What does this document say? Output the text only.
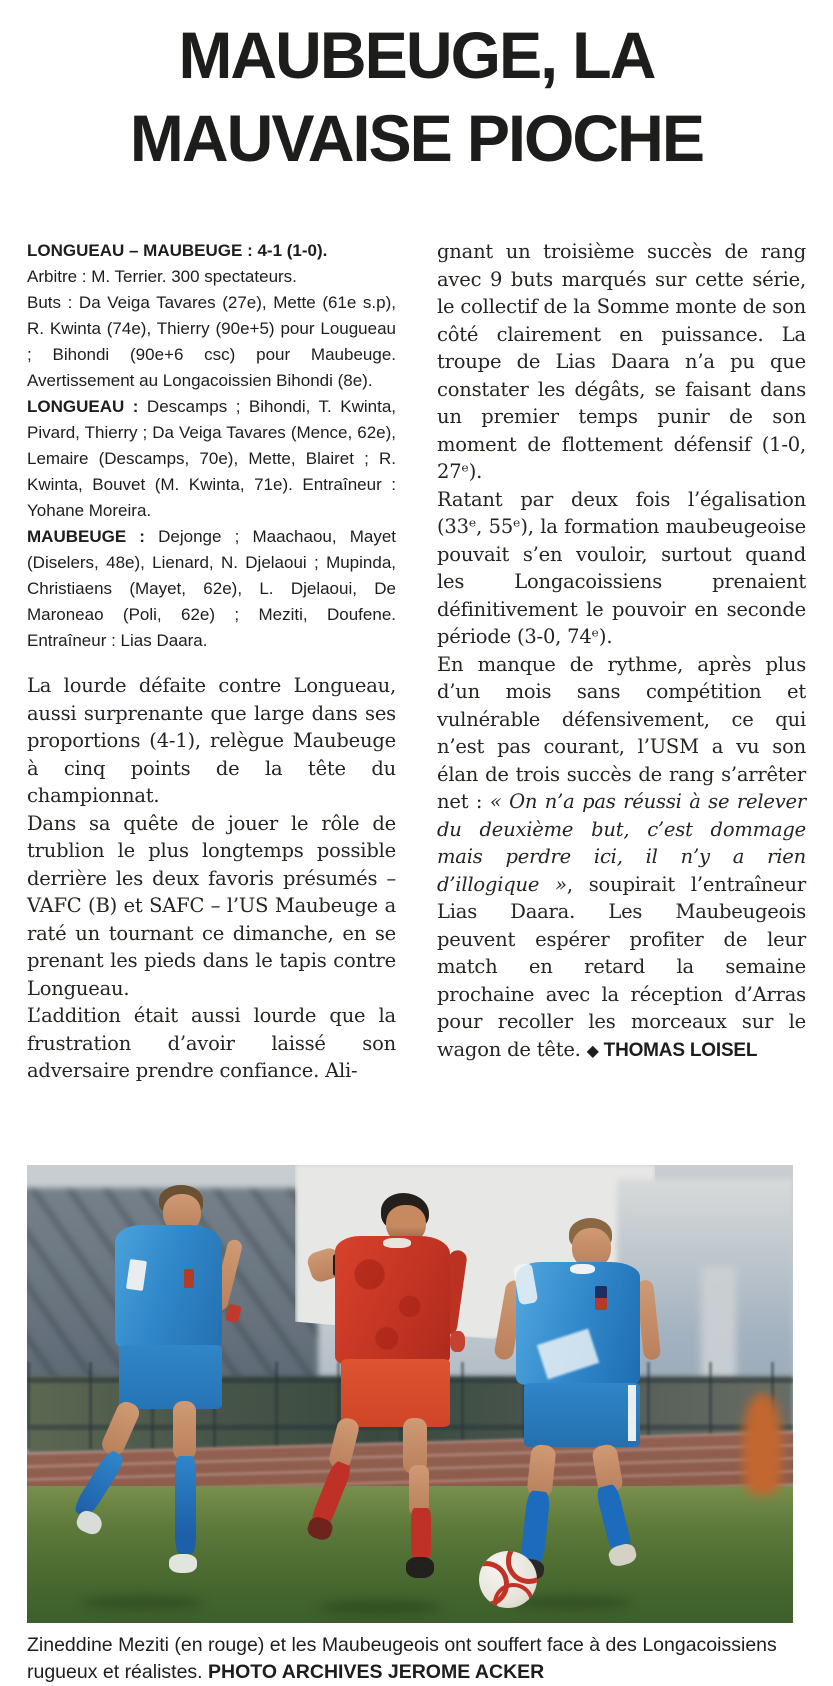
MAUBEUGE, LA
MAUVAISE PIOCHE

LONGUEAU – MAUBEUGE : 4-1 (1-0).

Arbitre : M. Terrier. 300 spectateurs.

Buts : Da Veiga Tavares (27e), Mette (61e s.p), R. Kwinta (74e), Thierry (90e+5) pour Lougueau ; Bihondi (90e+6 csc) pour Maubeuge. Avertissement au Longacoissien Bihondi (8e).

LONGUEAU : Descamps ; Bihondi, T. Kwinta, Pivard, Thierry ; Da Veiga Tavares (Mence, 62e), Lemaire (Descamps, 70e), Mette, Blairet ; R. Kwinta, Bouvet (M. Kwinta, 71e). Entraîneur : Yohane Moreira.

MAUBEUGE : Dejonge ; Maachaou, Mayet (Diselers, 48e), Lienard, N. Djelaoui ; Mupinda, Christiaens (Mayet, 62e), L. Djelaoui, De Maroneao (Poli, 62e) ; Meziti, Doufene. Entraîneur : Lias Daara.

La lourde défaite contre Longueau, aussi surprenante que large dans ses proportions (4-1), relègue Maubeuge à cinq points de la tête du championnat.

Dans sa quête de jouer le rôle de trublion le plus longtemps possible derrière les deux favoris présumés – VAFC (B) et SAFC – l’US Maubeuge a raté un tournant ce dimanche, en se prenant les pieds dans le tapis contre Longueau.

L’addition était aussi lourde que la frustration d’avoir laissé son adversaire prendre confiance. Ali-

gnant un troisième succès de rang avec 9 buts marqués sur cette série, le collectif de la Somme monte de son côté clairement en puissance. La troupe de Lias Daara n’a pu que constater les dégâts, se faisant dans un premier temps punir de son moment de flottement défensif (1-0, 27ᵉ).

Ratant par deux fois l’égalisation (33ᵉ, 55ᵉ), la formation maubeugeoise pouvait s’en vouloir, surtout quand les Longacoissiens prenaient définitivement le pouvoir en seconde période (3-0, 74ᵉ).

En manque de rythme, après plus d’un mois sans compétition et vulnérable défensivement, ce qui n’est pas courant, l’USM a vu son élan de trois succès de rang s’arrêter net : « On n’a pas réussi à se relever du deuxième but, c’est dommage mais perdre ici, il n’y a rien d’illogique », soupirait l’entraîneur Lias Daara. Les Maubeugeois peuvent espérer profiter de leur match en retard la semaine prochaine avec la réception d’Arras pour recoller les morceaux sur le wagon de tête. ◆ THOMAS LOISEL

Zineddine Meziti (en rouge) et les Maubeugeois ont souffert face à des Longacoissiens rugueux et réalistes. PHOTO ARCHIVES JEROME ACKER
